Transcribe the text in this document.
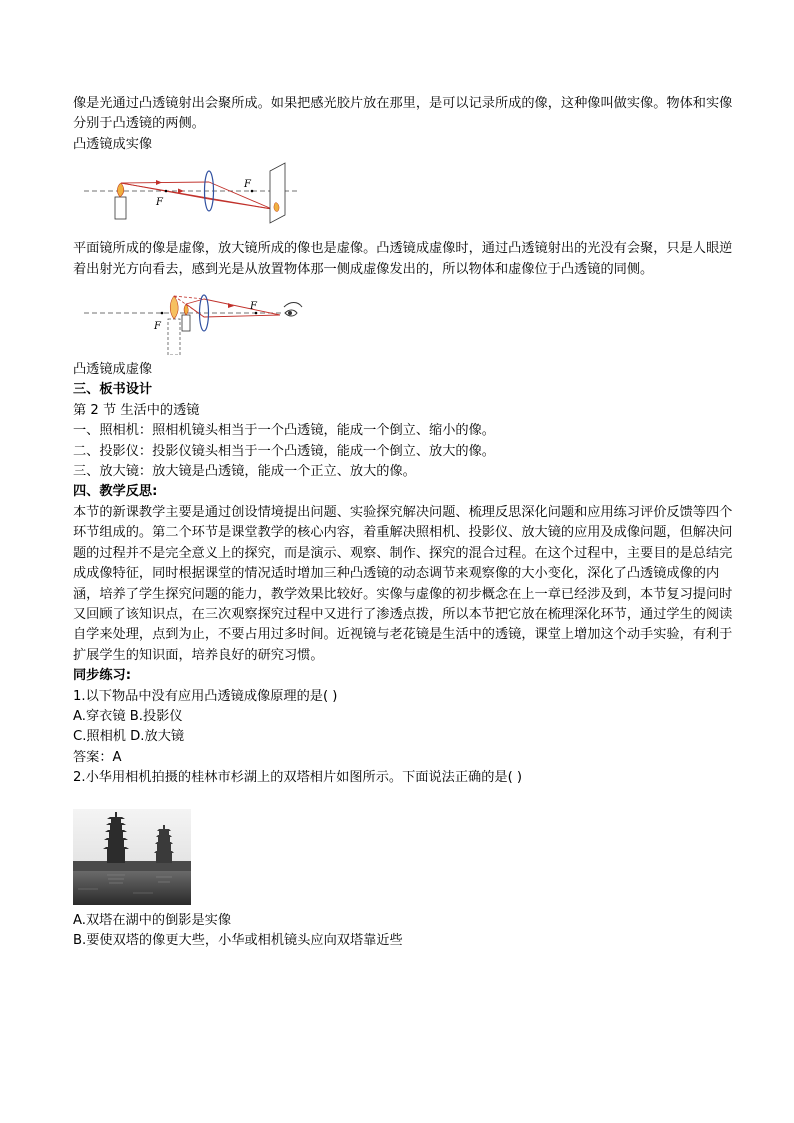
像是光通过凸透镜射出会聚所成。如果把感光胶片放在那里，是可以记录所成的像，这种像叫做实像。物体和实像分别于凸透镜的两侧。

凸透镜成实像

F
F

平面镜所成的像是虚像，放大镜所成的像也是虚像。凸透镜成虚像时，通过凸透镜射出的光没有会聚，只是人眼逆着出射光方向看去，感到光是从放置物体那一侧成虚像发出的，所以物体和虚像位于凸透镜的同侧。

F
F

凸透镜成虚像

三、板书设计

第 2 节 生活中的透镜

一、照相机：照相机镜头相当于一个凸透镜，能成一个倒立、缩小的像。

二、投影仪：投影仪镜头相当于一个凸透镜，能成一个倒立、放大的像。

三、放大镜：放大镜是凸透镜，能成一个正立、放大的像。

四、教学反思:

本节的新课教学主要是通过创设情境提出问题、实验探究解决问题、梳理反思深化问题和应用练习评价反馈等四个环节组成的。第二个环节是课堂教学的核心内容，着重解决照相机、投影仪、放大镜的应用及成像问题，但解决问题的过程并不是完全意义上的探究，而是演示、观察、制作、探究的混合过程。在这个过程中，主要目的是总结完成成像特征，同时根据课堂的情况适时增加三种凸透镜的动态调节来观察像的大小变化，深化了凸透镜成像的内涵，培养了学生探究问题的能力，教学效果比较好。实像与虚像的初步概念在上一章已经涉及到，本节复习提问时又回顾了该知识点，在三次观察探究过程中又进行了渗透点拨，所以本节把它放在梳理深化环节，通过学生的阅读自学来处理，点到为止，不要占用过多时间。近视镜与老花镜是生活中的透镜，课堂上增加这个动手实验，有利于扩展学生的知识面，培养良好的研究习惯。

同步练习:

1.以下物品中没有应用凸透镜成像原理的是( )

A.穿衣镜 B.投影仪

C.照相机 D.放大镜

答案：A

2.小华用相机拍摄的桂林市杉湖上的双塔相片如图所示。下面说法正确的是( )

A.双塔在湖中的倒影是实像

B.要使双塔的像更大些，小华或相机镜头应向双塔靠近些
